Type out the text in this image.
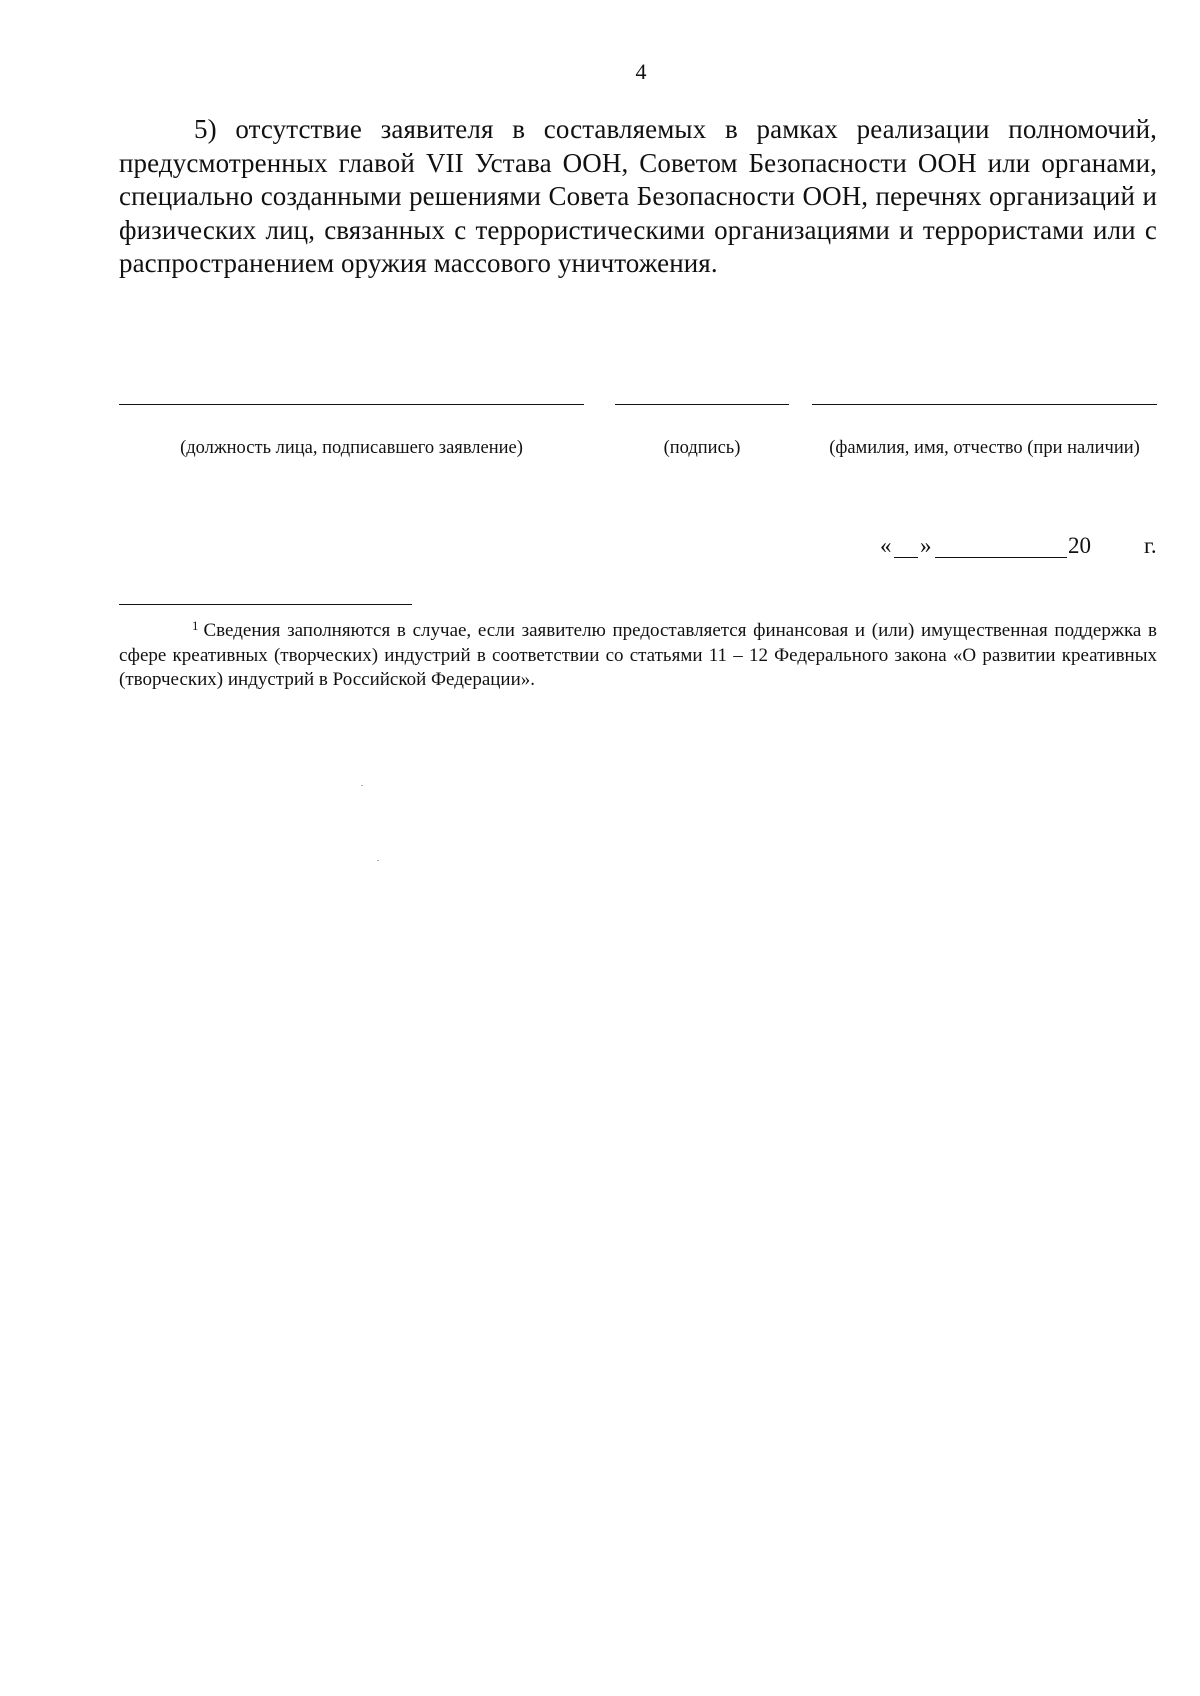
4

5) отсутствие заявителя в составляемых в рамках реализации полномочий, предусмотренных главой VII Устава ООН, Советом Безопасности ООН или органами, специально созданными решениями Совета Безопасности ООН, перечнях организаций и физических лиц, связанных с террористическими организациями и террористами или с распространением оружия массового уничтожения.

(должность лица, подписавшего заявление)	(подпись)	(фамилия, имя, отчество (при наличии)
« »	20 г.

$^1$ Сведения заполняются в случае, если заявителю предоставляется финансовая и (или) имущественная поддержка в сфере креативных (творческих) индустрий в соответствии со статьями 11 – 12 Федерального закона «О развитии креативных (творческих) индустрий в Российской Федерации».
